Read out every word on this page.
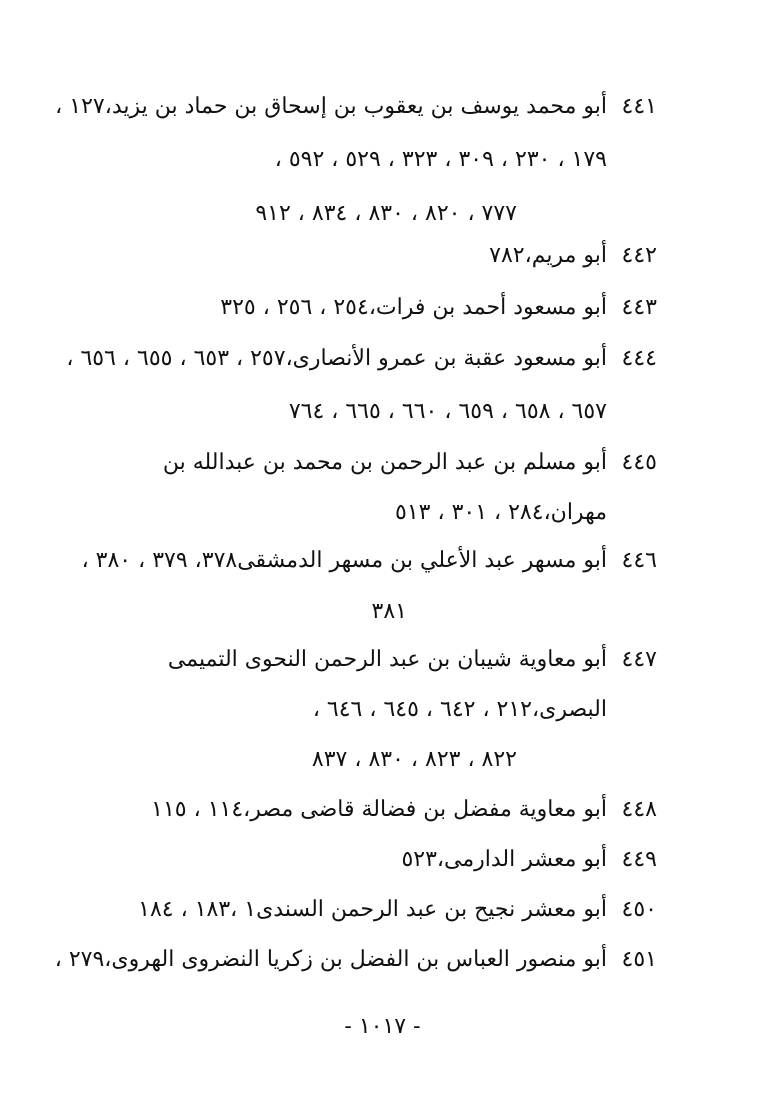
٤٤١
أبو محمد يوسف بن يعقوب بن إسحاق بن حماد بن يزيد،١٢٧ ،
١٧٩ ، ٢٣٠ ، ٣٠٩ ، ٣٢٣ ، ٥٢٩ ، ٥٩٢ ،
٧٧٧ ، ٨٢٠ ، ٨٣٠ ، ٨٣٤ ، ٩١٢
٤٤٢
أبو مريم،٧٨٢
٤٤٣
أبو مسعود أحمد بن فرات،٢٥٤ ، ٢٥٦ ، ٣٢٥
٤٤٤
أبو مسعود عقبة بن عمرو الأنصارى،٢٥٧ ، ٦٥٣ ، ٦٥٥ ، ٦٥٦ ،
٦٥٧ ، ٦٥٨ ، ٦٥٩ ، ٦٦٠ ، ٦٦٥ ، ٧٦٤
٤٤٥
أبو مسلم بن عبد الرحمن بن محمد بن عبدالله بن
مهران،٢٨٤ ، ٣٠١ ، ٥١٣
٤٤٦
أبو مسهر عبد الأعلي بن مسهر الدمشقى٣٧٨، ٣٧٩ ، ٣٨٠ ،
٣٨١
٤٤٧
أبو معاوية شيبان بن عبد الرحمن النحوى التميمى
البصرى،٢١٢ ، ٦٤٢ ، ٦٤٥ ، ٦٤٦ ،
٨٢٢ ، ٨٢٣ ، ٨٣٠ ، ٨٣٧
٤٤٨
أبو معاوية مفضل بن فضالة قاضى مصر،١١٤ ، ١١٥
٤٤٩
أبو معشر الدارمى،٥٢٣
٤٥٠
أبو معشر نجيح بن عبد الرحمن السندى١ ،١٨٣ ، ١٨٤
٤٥١
أبو منصور العباس بن الفضل بن زكريا النضروى الهروى،٢٧٩ ،
- ١٠١٧ -
